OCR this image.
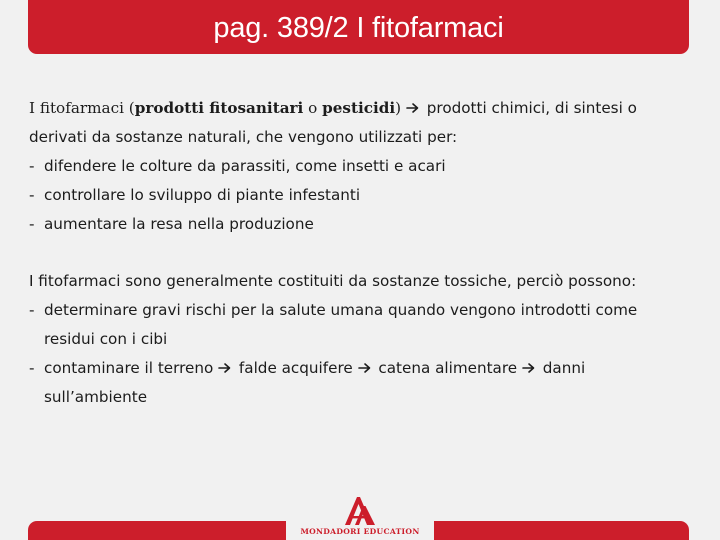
pag. 389/2 I fitofarmaci
I fitofarmaci (prodotti fitosanitari o pesticidi)
prodotti chimici, di sintesi o
derivati da sostanze naturali, che vengono utilizzati per:
- difendere le colture da parassiti, come insetti e acari
- controllare lo sviluppo di piante infestanti
- aumentare la resa nella produzione
I fitofarmaci sono generalmente costituiti da sostanze tossiche, perciò possono:
- determinare gravi rischi per la salute umana quando vengono introdotti come
residui con i cibi
- contaminare il terreno
falde acquifere
catena alimentare
danni
sull’ambiente
MONDADORI EDUCATION
